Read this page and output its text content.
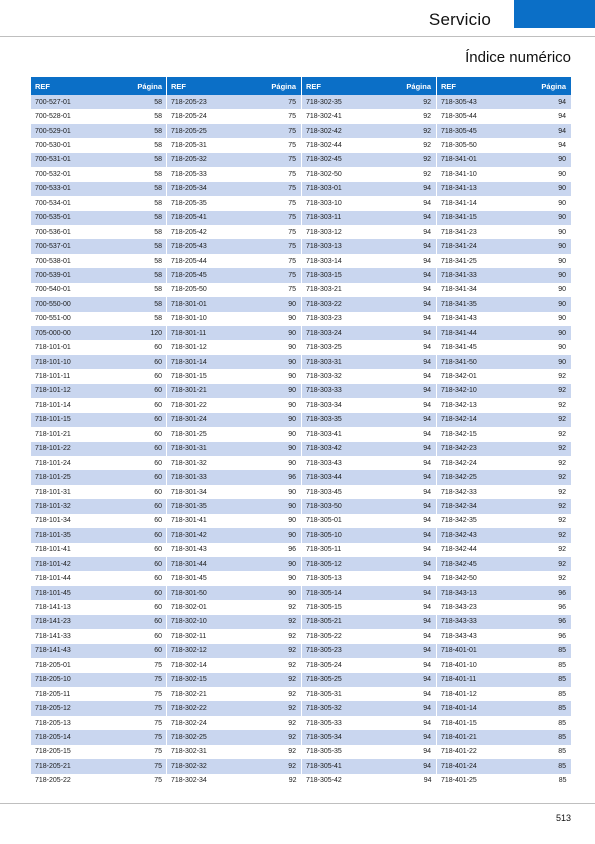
Servicio
Índice numérico
REF	Página
700-527-01	58
700-528-01	58
700-529-01	58
700-530-01	58
700-531-01	58
700-532-01	58
700-533-01	58
700-534-01	58
700-535-01	58
700-536-01	58
700-537-01	58
700-538-01	58
700-539-01	58
700-540-01	58
700-550-00	58
700-551-00	58
705-000-00	120
718-101-01	60
718-101-10	60
718-101-11	60
718-101-12	60
718-101-14	60
718-101-15	60
718-101-21	60
718-101-22	60
718-101-24	60
718-101-25	60
718-101-31	60
718-101-32	60
718-101-34	60
718-101-35	60
718-101-41	60
718-101-42	60
718-101-44	60
718-101-45	60
718-141-13	60
718-141-23	60
718-141-33	60
718-141-43	60
718-205-01	75
718-205-10	75
718-205-11	75
718-205-12	75
718-205-13	75
718-205-14	75
718-205-15	75
718-205-21	75
718-205-22	75
REF	Página
718-205-23	75
718-205-24	75
718-205-25	75
718-205-31	75
718-205-32	75
718-205-33	75
718-205-34	75
718-205-35	75
718-205-41	75
718-205-42	75
718-205-43	75
718-205-44	75
718-205-45	75
718-205-50	75
718-301-01	90
718-301-10	90
718-301-11	90
718-301-12	90
718-301-14	90
718-301-15	90
718-301-21	90
718-301-22	90
718-301-24	90
718-301-25	90
718-301-31	90
718-301-32	90
718-301-33	96
718-301-34	90
718-301-35	90
718-301-41	90
718-301-42	90
718-301-43	96
718-301-44	90
718-301-45	90
718-301-50	90
718-302-01	92
718-302-10	92
718-302-11	92
718-302-12	92
718-302-14	92
718-302-15	92
718-302-21	92
718-302-22	92
718-302-24	92
718-302-25	92
718-302-31	92
718-302-32	92
718-302-34	92
REF	Página
718-302-35	92
718-302-41	92
718-302-42	92
718-302-44	92
718-302-45	92
718-302-50	92
718-303-01	94
718-303-10	94
718-303-11	94
718-303-12	94
718-303-13	94
718-303-14	94
718-303-15	94
718-303-21	94
718-303-22	94
718-303-23	94
718-303-24	94
718-303-25	94
718-303-31	94
718-303-32	94
718-303-33	94
718-303-34	94
718-303-35	94
718-303-41	94
718-303-42	94
718-303-43	94
718-303-44	94
718-303-45	94
718-303-50	94
718-305-01	94
718-305-10	94
718-305-11	94
718-305-12	94
718-305-13	94
718-305-14	94
718-305-15	94
718-305-21	94
718-305-22	94
718-305-23	94
718-305-24	94
718-305-25	94
718-305-31	94
718-305-32	94
718-305-33	94
718-305-34	94
718-305-35	94
718-305-41	94
718-305-42	94
REF	Página
718-305-43	94
718-305-44	94
718-305-45	94
718-305-50	94
718-341-01	90
718-341-10	90
718-341-13	90
718-341-14	90
718-341-15	90
718-341-23	90
718-341-24	90
718-341-25	90
718-341-33	90
718-341-34	90
718-341-35	90
718-341-43	90
718-341-44	90
718-341-45	90
718-341-50	90
718-342-01	92
718-342-10	92
718-342-13	92
718-342-14	92
718-342-15	92
718-342-23	92
718-342-24	92
718-342-25	92
718-342-33	92
718-342-34	92
718-342-35	92
718-342-43	92
718-342-44	92
718-342-45	92
718-342-50	92
718-343-13	96
718-343-23	96
718-343-33	96
718-343-43	96
718-401-01	85
718-401-10	85
718-401-11	85
718-401-12	85
718-401-14	85
718-401-15	85
718-401-21	85
718-401-22	85
718-401-24	85
718-401-25	85
513
